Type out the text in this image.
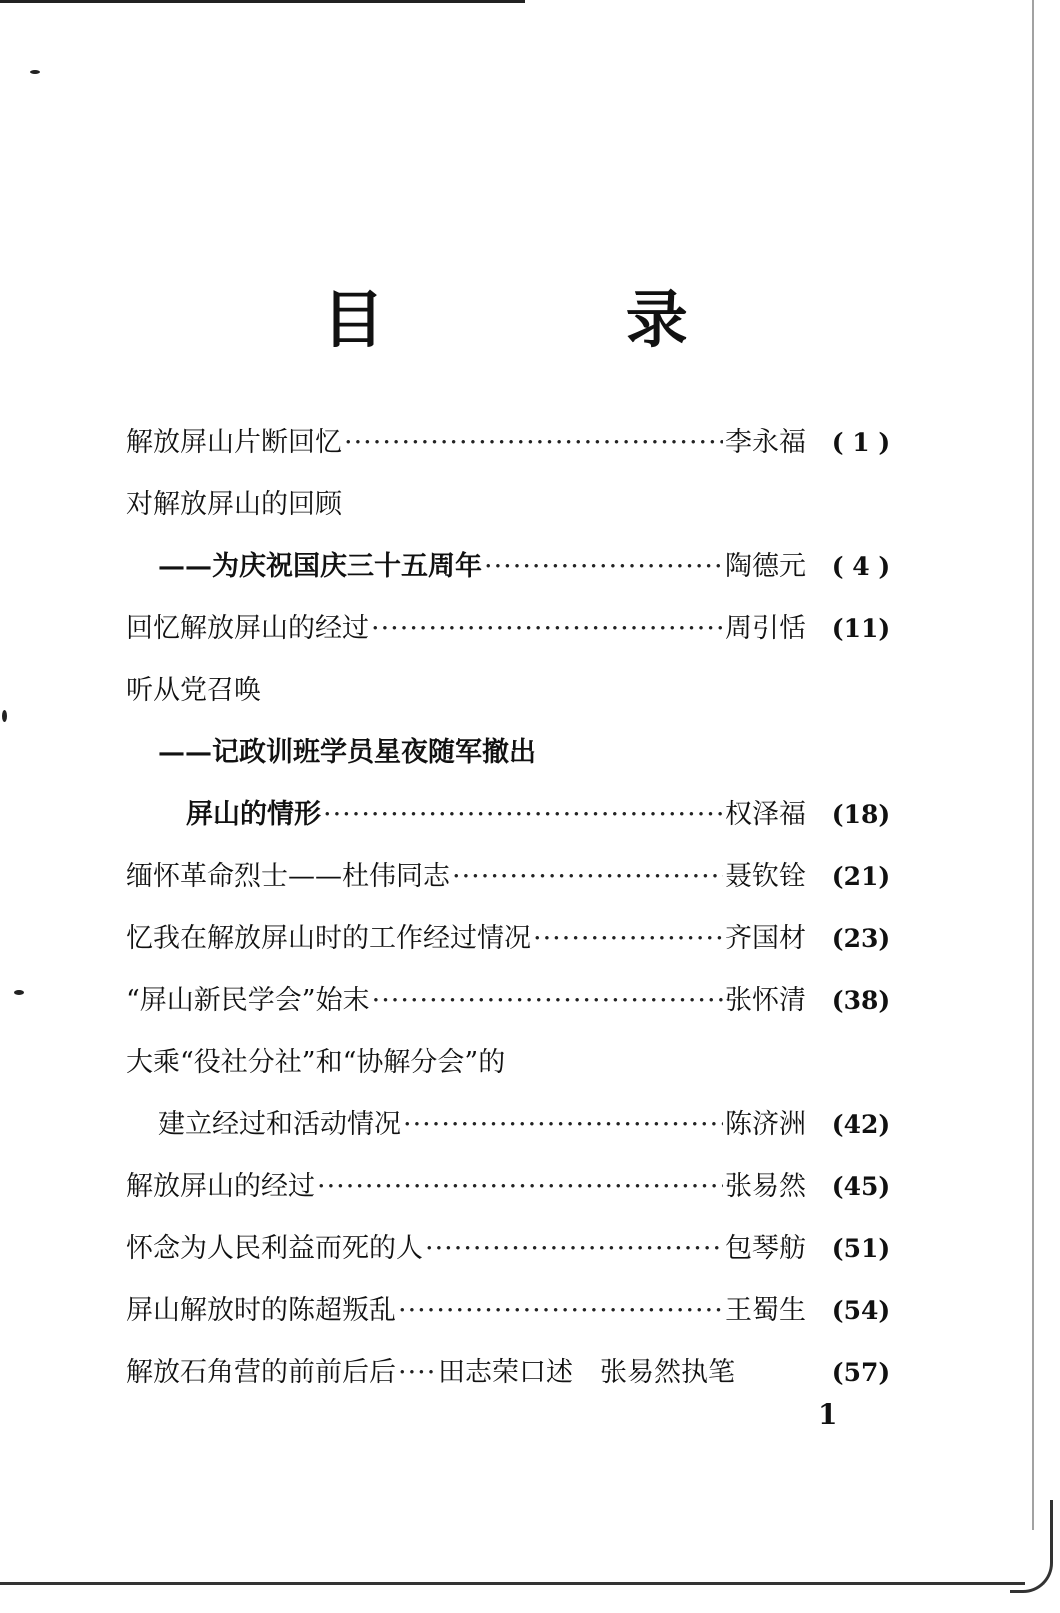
目 录
解放屏山片断回忆 ·····	李永福 ( 1 )
对解放屏山的回顾
——为庆祝国庆三十五周年 ·····	陶德元 ( 4 )
回忆解放屏山的经过 ·····	周引恬 (11)
听从党召唤
——记政训班学员星夜随军撤出
屏山的情形 ·····	权泽福 (18)
缅怀革命烈士——杜伟同志 ·····	聂钦铨 (21)
忆我在解放屏山时的工作经过情况 ·····	齐国材 (23)
“屏山新民学会”始末 ·····	张怀清 (38)
大乘“役社分社”和“协解分会”的
建立经过和活动情况 ·····	陈济洲 (42)
解放屏山的经过 ·····	张易然 (45)
怀念为人民利益而死的人 ·····	包琴舫 (51)
屏山解放时的陈超叛乱 ·····	王蜀生 (54)
解放石角营的前前后后 ····· 田志荣口述　张易然执笔	(57)
1
